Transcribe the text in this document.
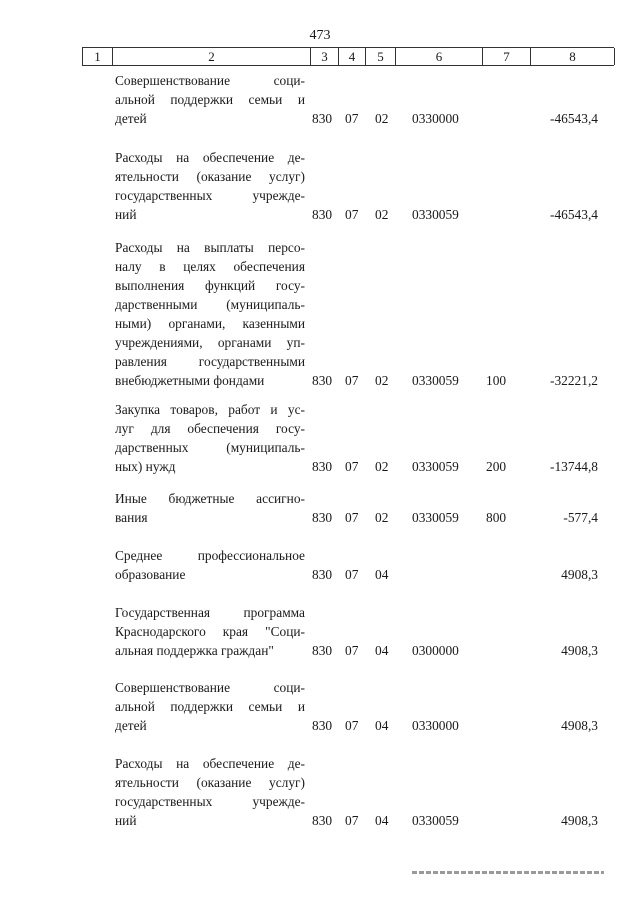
473
1	2	3	4	5	6	7	8
Совершенствование соци-
альной поддержки семьи и
детей	830 07 02 0330000	-46543,4
Расходы на обеспечение де-
ятельности (оказание услуг)
государственных учрежде-
ний	830 07 02 0330059	-46543,4
Расходы на выплаты персо-
налу в целях обеспечения
выполнения функций госу-
дарственными (муниципаль-
ными) органами, казенными
учреждениями, органами уп-
равления государственными
внебюджетными фондами	830 07 02 0330059 100	-32221,2
Закупка товаров, работ и ус-
луг для обеспечения госу-
дарственных (муниципаль-
ных) нужд	830 07 02 0330059 200	-13744,8
Иные бюджетные ассигно-
вания	830 07 02 0330059 800	-577,4
Среднее профессиональное
образование	830 07 04	4908,3
Государственная программа
Краснодарского края "Соци-
альная поддержка граждан"	830 07 04 0300000	4908,3
Совершенствование соци-
альной поддержки семьи и
детей	830 07 04 0330000	4908,3
Расходы на обеспечение де-
ятельности (оказание услуг)
государственных учрежде-
ний	830 07 04 0330059	4908,3
